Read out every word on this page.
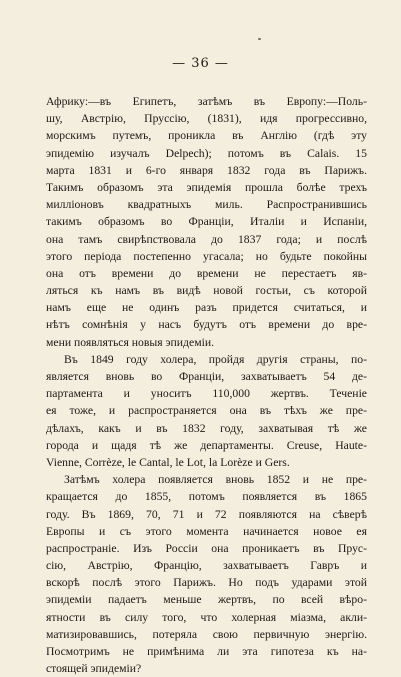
— 36 —
Африку:—въ Египетъ, затѣмъ въ Европу:—Поль-
шу, Австрію, Пруссію, (1831), идя прогрессивно,
морскимъ путемъ, проникла въ Англію (гдѣ эту
эпидемію изучалъ Delpech); потомъ въ Calais. 15
марта 1831 и 6-го января 1832 года въ Парижъ.
Такимъ образомъ эта эпидемія прошла болѣе трехъ
милліоновъ квадратныхъ миль. Распространившись
такимъ образомъ во Франціи, Италіи и Испаніи,
она тамъ свирѣпствовала до 1837 года; и послѣ
этого періода постепенно угасала; но будьте покойны
она отъ времени до времени не перестаетъ яв-
ляться къ намъ въ видѣ новой гостьи, съ которой
намъ еще не одинъ разъ придется считаться, и
нѣтъ сомнѣнія у насъ будутъ отъ времени до вре-
мени появляться новыя эпидеміи.
Въ 1849 году холера, пройдя другія страны, по-
является вновь во Франціи, захватываетъ 54 де-
партамента и уноситъ 110,000 жертвъ. Теченіе
ея тоже, и распространяется она въ тѣхъ же пре-
дѣлахъ, какъ и въ 1832 году, захватывая тѣ же
города и щадя тѣ же департаменты. Creuse, Haute-
Vienne, Corrèze, le Cantal, le Lot, la Lorèze и Gers.
Затѣмъ холера появляется вновь 1852 и не пре-
кращается до 1855, потомъ появляется въ 1865
году. Въ 1869, 70, 71 и 72 появляются на сѣверѣ
Европы и съ этого момента начинается новое ея
распространіе. Изъ Россіи она проникаетъ въ Прус-
сію, Австрію, Францію, захватываетъ Гавръ и
вскорѣ послѣ этого Парижъ. Но подъ ударами этой
эпидеміи падаетъ меньше жертвъ, по всей вѣро-
ятности въ силу того, что холерная міазма, акли-
матизировавшись, потеряла свою первичную энергію.
Посмотримъ не примѣнима ли эта гипотеза къ на-
стоящей эпидеміи?
